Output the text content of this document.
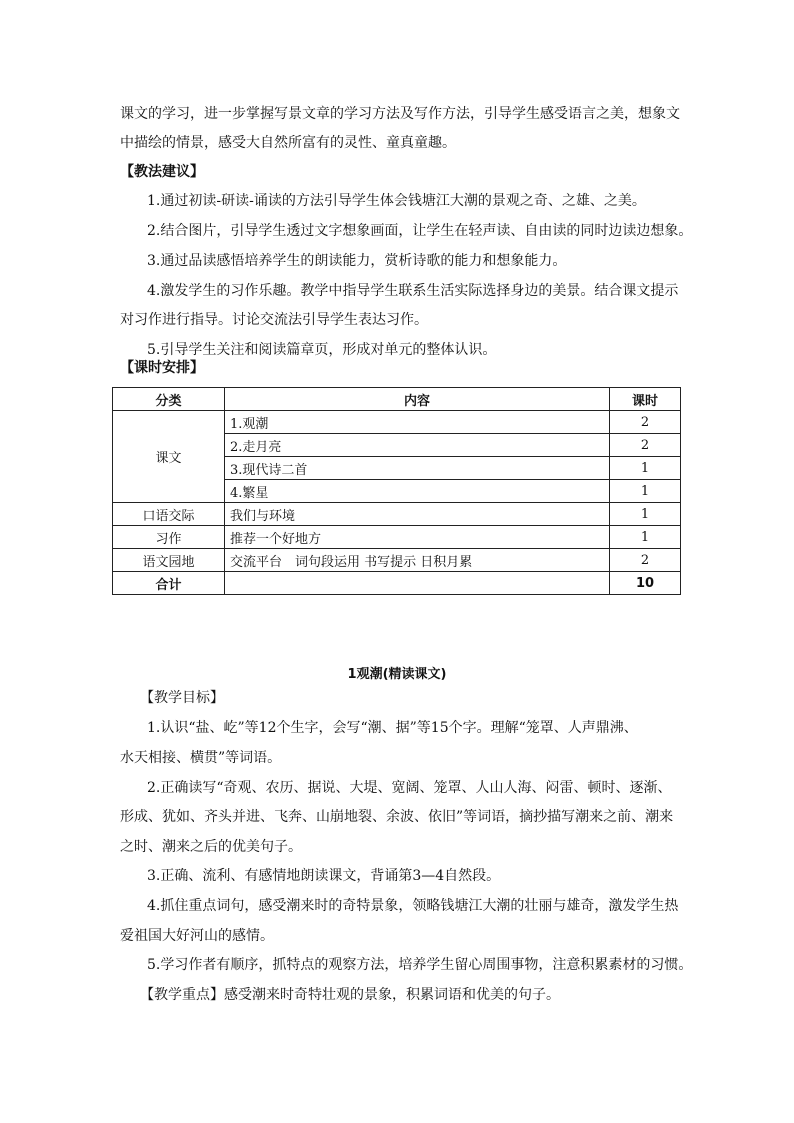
课文的学习，进一步掌握写景文章的学习方法及写作方法，引导学生感受语言之美，想象文
中描绘的情景，感受大自然所富有的灵性、童真童趣。
【教法建议】
1.通过初读-研读-诵读的方法引导学生体会钱塘江大潮的景观之奇、之雄、之美。
2.结合图片，引导学生透过文字想象画面，让学生在轻声读、自由读的同时边读边想象。
3.通过品读感悟培养学生的朗读能力，赏析诗歌的能力和想象能力。
4.激发学生的习作乐趣。教学中指导学生联系生活实际选择身边的美景。结合课文提示
对习作进行指导。讨论交流法引导学生表达习作。
5.引导学生关注和阅读篇章页，形成对单元的整体认识。
【课时安排】
分类	内容	课时
课文	1.观潮	2
	2.走月亮	2
	3.现代诗二首	1
	4.繁星	1
口语交际	我们与环境	1
习作	推荐一个好地方	1
语文园地	交流平台　词句段运用 书写提示 日积月累	2
合计		10
1观潮(精读课文)
【教学目标】
1.认识“盐、屹”等12个生字，会写“潮、据”等15个字。理解“笼罩、人声鼎沸、
水天相接、横贯”等词语。
2.正确读写“奇观、农历、据说、大堤、宽阔、笼罩、人山人海、闷雷、顿时、逐渐、
形成、犹如、齐头并进、飞奔、山崩地裂、余波、依旧”等词语，摘抄描写潮来之前、潮来
之时、潮来之后的优美句子。
3.正确、流利、有感情地朗读课文，背诵第3—4自然段。
4.抓住重点词句，感受潮来时的奇特景象，领略钱塘江大潮的壮丽与雄奇，激发学生热
爱祖国大好河山的感情。
5.学习作者有顺序，抓特点的观察方法，培养学生留心周围事物，注意积累素材的习惯。
【教学重点】感受潮来时奇特壮观的景象，积累词语和优美的句子。
